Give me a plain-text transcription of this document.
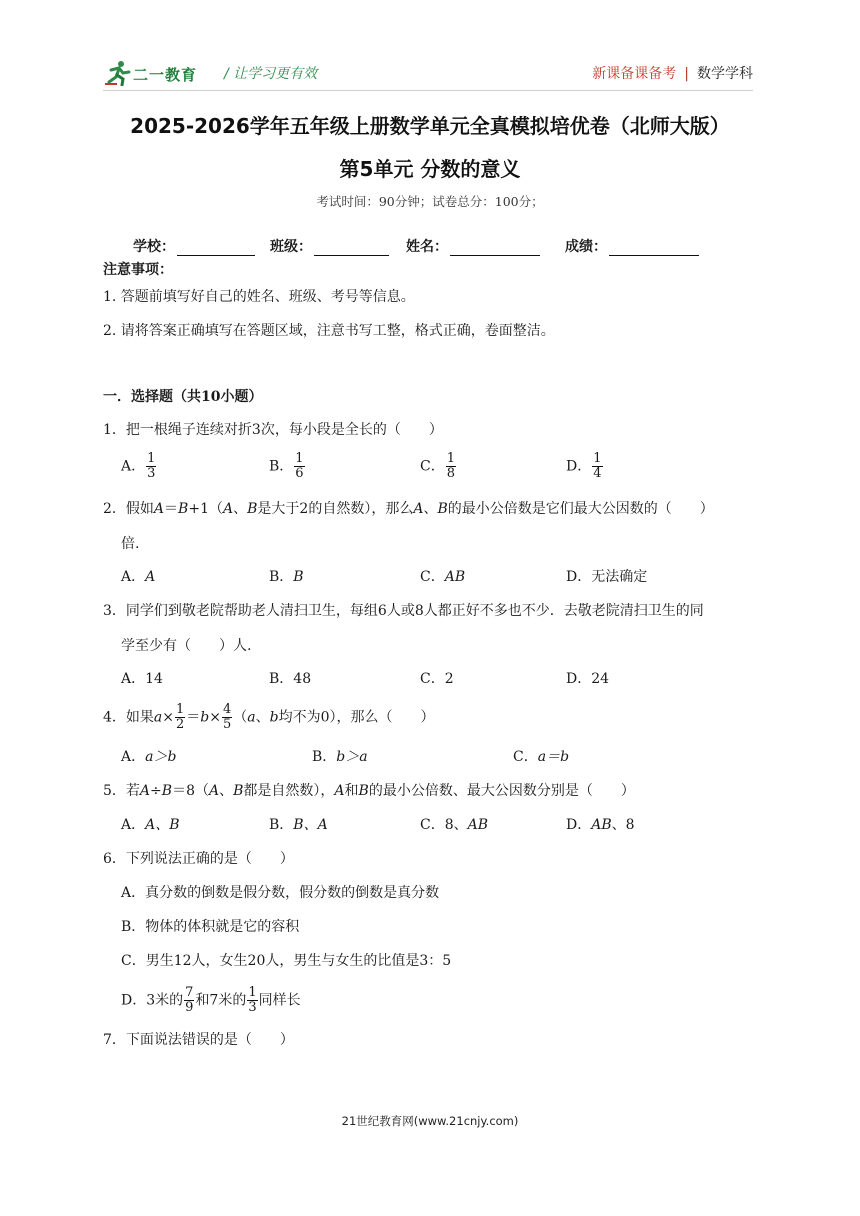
二一教育 / 让学习更有效	新课备课备考 | 数学学科
2025-2026学年五年级上册数学单元全真模拟培优卷（北师大版）
第5单元 分数的意义
考试时间：90分钟；试卷总分：100分；
学校：	班级：	姓名：	成绩：
注意事项：
1. 答题前填写好自己的姓名、班级、考号等信息。
2. 请将答案正确填写在答题区域，注意书写工整，格式正确，卷面整洁。
一．选择题（共10小题）
1．把一根绳子连续对折3次，每小段是全长的（　　）
A． $\frac{1}{3}$	B． $\frac{1}{6}$	C． $\frac{1}{8}$	D． $\frac{1}{4}$
2．假如A＝B+1（A、B是大于2的自然数），那么A、B的最小公倍数是它们最大公因数的（　　）
倍.
A．A	B．B	C．AB	D．无法确定
3．同学们到敬老院帮助老人清扫卫生，每组6人或8人都正好不多也不少．去敬老院清扫卫生的同
学至少有（　　）人.
A．14	B．48	C．2	D．24
4．如果$a\times \frac{1}{2} =b\times \frac{4}{5} (a$、b均不为0），那么（　　）
A．a＞b	B．b＞a	C．a＝b
5．若A÷B＝8（A、B都是自然数），A和B的最小公倍数、最大公因数分别是（　　）
A．A、B	B．B、A	C．8、AB	D．AB、8
6．下列说法正确的是（　　）
A．真分数的倒数是假分数，假分数的倒数是真分数
B．物体的体积就是它的容积
C．男生12人，女生20人，男生与女生的比值是3：5
D．3米的 $\frac{7}{9}$ 和7米的 $\frac{1}{3}$ 同样长
7．下面说法错误的是（　　）
21世纪教育网(www.21cnjy.com)
